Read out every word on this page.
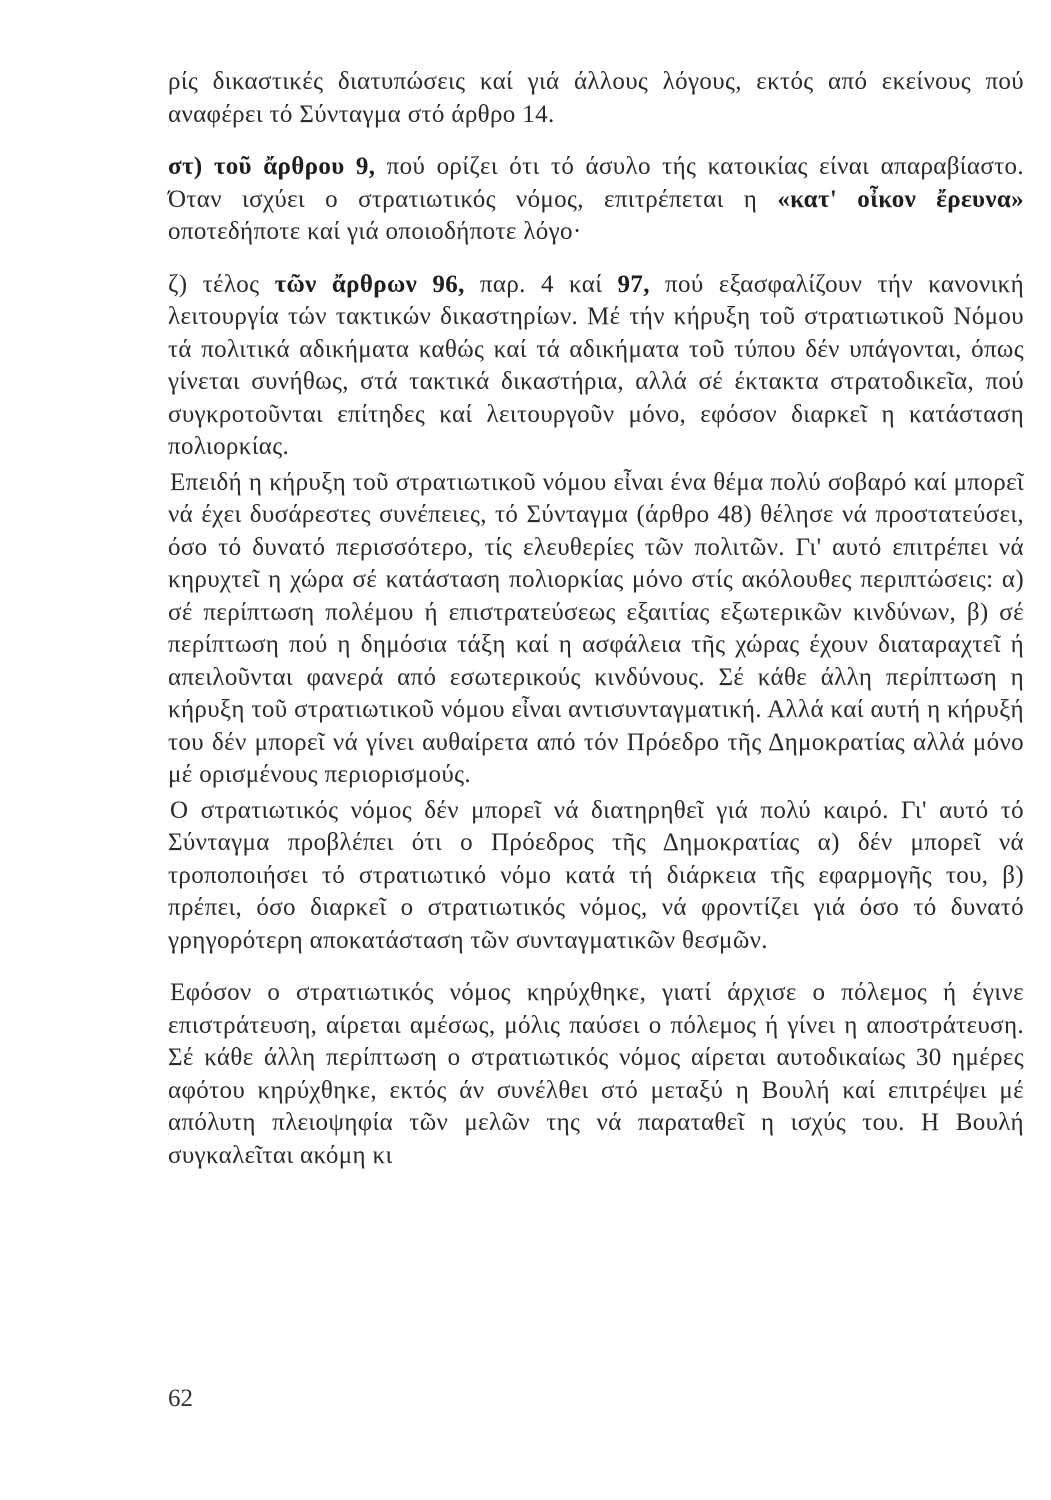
ρίς δικαστικές διατυπώσεις καί γιά άλλους λόγους, εκτός από εκείνους πού αναφέρει τό Σύνταγμα στό άρθρο 14.

στ) τοῦ ἄρθρου 9, πού ορίζει ότι τό άσυλο τής κατοικίας είναι απαραβίαστο. Όταν ισχύει ο στρατιωτικός νόμος, επιτρέπεται η «κατ' οἶκον ἔρευνα» οποτεδήποτε καί γιά οποιοδήποτε λόγο·

ζ) τέλος τῶν ἄρθρων 96, παρ. 4 καί 97, πού εξασφαλίζουν τήν κανονική λειτουργία τών τακτικών δικαστηρίων. Μέ τήν κήρυξη τοῦ στρατιωτικοῦ Νόμου τά πολιτικά αδικήματα καθώς καί τά αδικήματα τοῦ τύπου δέν υπάγονται, όπως γίνεται συνήθως, στά τακτικά δικαστήρια, αλλά σέ έκτακτα στρατοδικεῖα, πού συγκροτοῦνται επίτηδες καί λειτουργοῦν μόνο, εφόσον διαρκεῖ η κατάσταση πολιορκίας.

Επειδή η κήρυξη τοῦ στρατιωτικοῦ νόμου εἶναι ένα θέμα πολύ σοβαρό καί μπορεῖ νά έχει δυσάρεστες συνέπειες, τό Σύνταγμα (άρθρο 48) θέλησε νά προστατεύσει, όσο τό δυνατό περισσότερο, τίς ελευθερίες τῶν πολιτῶν. Γι' αυτό επιτρέπει νά κηρυχτεῖ η χώρα σέ κατάσταση πολιορκίας μόνο στίς ακόλουθες περιπτώσεις: α) σέ περίπτωση πολέμου ή επιστρατεύσεως εξαιτίας εξωτερικῶν κινδύνων, β) σέ περίπτωση πού η δημόσια τάξη καί η ασφάλεια τῆς χώρας έχουν διαταραχτεῖ ή απειλοῦνται φανερά από εσωτερικούς κινδύνους. Σέ κάθε άλλη περίπτωση η κήρυξη τοῦ στρατιωτικοῦ νόμου εἶναι αντισυνταγματική. Αλλά καί αυτή η κήρυξή του δέν μπορεῖ νά γίνει αυθαίρετα από τόν Πρόεδρο τῆς Δημοκρατίας αλλά μόνο μέ ορισμένους περιορισμούς.

Ο στρατιωτικός νόμος δέν μπορεῖ νά διατηρηθεῖ γιά πολύ καιρό. Γι' αυτό τό Σύνταγμα προβλέπει ότι ο Πρόεδρος τῆς Δημοκρατίας α) δέν μπορεῖ νά τροποποιήσει τό στρατιωτικό νόμο κατά τή διάρκεια τῆς εφαρμογῆς του, β) πρέπει, όσο διαρκεῖ ο στρατιωτικός νόμος, νά φροντίζει γιά όσο τό δυνατό γρηγορότερη αποκατάσταση τῶν συνταγματικῶν θεσμῶν.

Εφόσον ο στρατιωτικός νόμος κηρύχθηκε, γιατί άρχισε ο πόλεμος ή έγινε επιστράτευση, αίρεται αμέσως, μόλις παύσει ο πόλεμος ή γίνει η αποστράτευση. Σέ κάθε άλλη περίπτωση ο στρατιωτικός νόμος αίρεται αυτοδικαίως 30 ημέρες αφότου κηρύχθηκε, εκτός άν συνέλθει στό μεταξύ η Βουλή καί επιτρέψει μέ απόλυτη πλειοψηφία τῶν μελῶν της νά παραταθεῖ η ισχύς του. Η Βουλή συγκαλεῖται ακόμη κι

62
